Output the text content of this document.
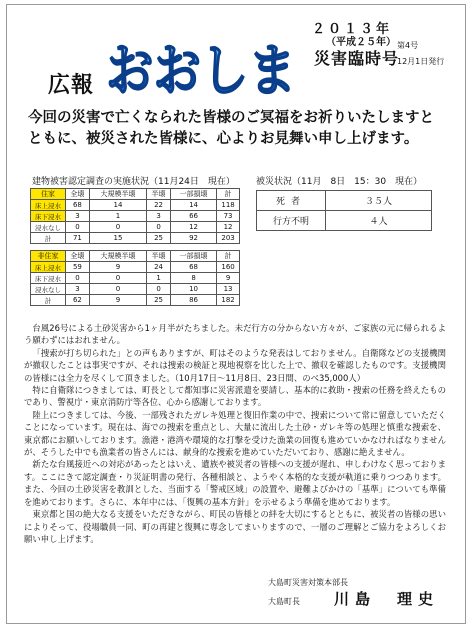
広報 おおしま
２０１３年
（平成２５年）
災害臨時号
第4号
12月1日発行
今回の災害で亡くなられた皆様のご冥福をお祈りいたしますとともに、被災された皆様に、心よりお見舞い申し上げます。
建物被害認定調査の実施状況（11月24日　現在）
住家	全壊	大規模半壊	半壊	一部損壊	計
床上浸水	68	14	22	14	118
床下浸水	3	1	3	66	73
浸水なし	0	0	0	12	12
計	71	15	25	92	203
非住家	全壊	大規模半壊	半壊	一部損壊	計
床上浸水	59	9	24	68	160
床下浸水	0	0	1	8	9
浸水なし	3	0	0	10	13
計	62	9	25	86	182
被災状況（11月　8日　15：30　現在）
死者	３５人
行方不明	４人

台風26号による土砂災害から1ヶ月半がたちました。未だ行方の分からない方々が、ご家族の元に帰られるよう願わずにはおれません。

「捜索が打ち切られた」との声もありますが、町はそのような発表はしておりません。自衛隊などの支援機関が撤収したことは事実ですが、それは捜索の検証と現地視察を比した上で、撤収を確認したものです。支援機関の皆様には全力を尽くして頂きました。（10月17日〜11月8日、23日間、のべ35,000人）

特に自衛隊につきましては、町長として都知事に災害派遣を要請し、基本的に救助・捜索の任務を終えたものであり、警視庁・東京消防庁等各位、心から感謝しております。

陸上につきましては、今後、一部残されたガレキ処理と復旧作業の中で、捜索について常に留意していただくことになっています。現在は、海での捜索を重点とし、大量に流出した土砂・ガレキ等の処理と慎重な捜索を、東京都にお願いしております。漁港・港湾や環境的な打撃を受けた漁業の回復も進めていかなければなりませんが、そうした中でも漁業者の皆さんには、献身的な捜索を進めていただいており、感謝に絶えません。

新たな台風接近への対応があったとはいえ、遺族や被災者の皆様への支援が遅れ、申しわけなく思っております。ここにきて認定調査・り災証明書の発行、各種相談と、ようやく本格的な支援が軌道に乗りつつあります。また、今回の土砂災害を教訓とした、当面する「警戒区域」の設置や、避難よびかけの「基準」についても準備を進めております。さらに、本年中には、「復興の基本方針」を示せるよう準備を進めております。

東京都と国の絶大なる支援をいただきながら、町民の皆様との絆を大切にするとともに、被災者の皆様の思いによりそって、役場職員一同、町の再建と復興に専念してまいりますので、一層のご理解とご協力をよろしくお願い申し上げます。

大島町災害対策本部長
大島町長 川島　理史
